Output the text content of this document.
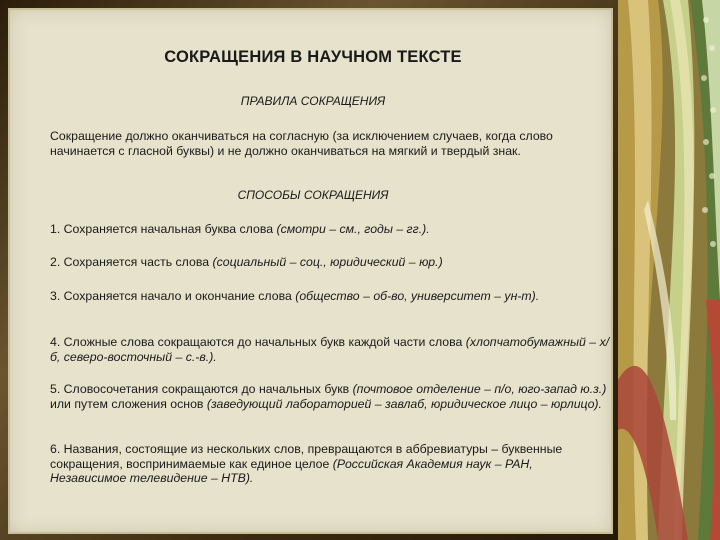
СОКРАЩЕНИЯ В НАУЧНОМ ТЕКСТЕ
ПРАВИЛА СОКРАЩЕНИЯ
Сокращение должно оканчиваться на согласную (за исключением случаев, когда слово начинается с гласной буквы) и не должно оканчиваться на мягкий и твердый знак.
СПОСОБЫ СОКРАЩЕНИЯ
1. Сохраняется начальная буква слова (смотри – см., годы – гг.).
2. Сохраняется часть слова (социальный – соц., юридический – юр.)
3. Сохраняется начало и окончание слова (общество – об-во, университет – ун-т).
4. Сложные слова сокращаются до начальных букв каждой части слова (хлопчатобумажный – х/б, северо-восточный – с.-в.).
5. Словосочетания сокращаются до начальных букв (почтовое отделение – п/о, юго-запад ю.з.) или путем сложения основ (заведующий лабораторией – завлаб, юридическое лицо – юрлицо).
6. Названия, состоящие из нескольких слов, превращаются в аббревиатуры – буквенные сокращения, воспринимаемые как единое целое (Российская Академия наук – РАН, Независимое телевидение – НТВ).
